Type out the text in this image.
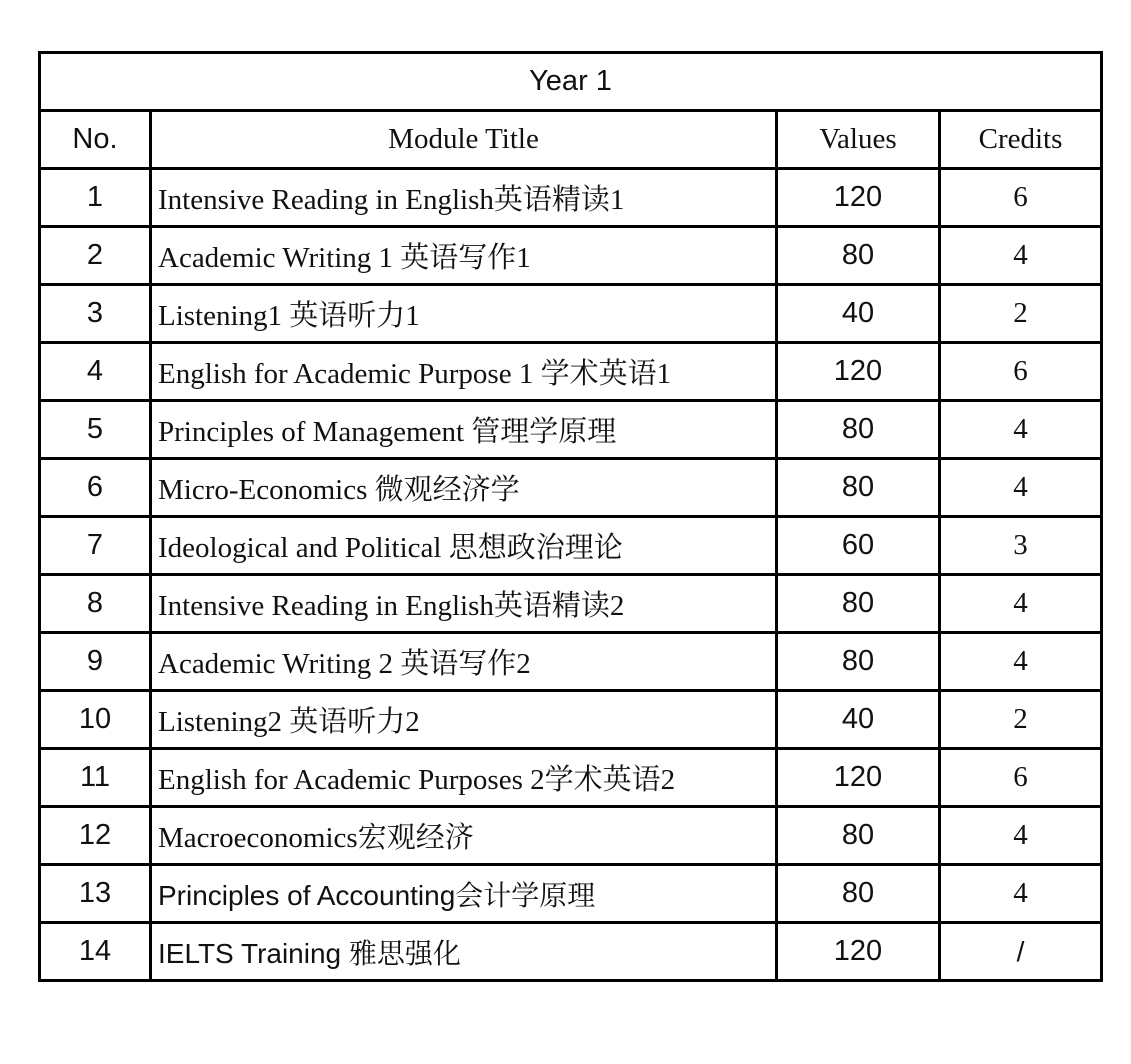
Year 1			
No.	Module Title	Values	Credits
1	Intensive Reading in English英语精读1	120	6
2	Academic Writing 1 英语写作1	80	4
3	Listening1 英语听力1	40	2
4	English for Academic Purpose 1 学术英语1	120	6
5	Principles of Management 管理学原理	80	4
6	Micro-Economics 微观经济学	80	4
7	Ideological and Political 思想政治理论	60	3
8	Intensive Reading in English英语精读2	80	4
9	Academic Writing 2 英语写作2	80	4
10	Listening2 英语听力2	40	2
11	English for Academic Purposes 2学术英语2	120	6
12	Macroeconomics宏观经济	80	4
13	Principles of Accounting会计学原理	80	4
14	IELTS Training 雅思强化	120	/
